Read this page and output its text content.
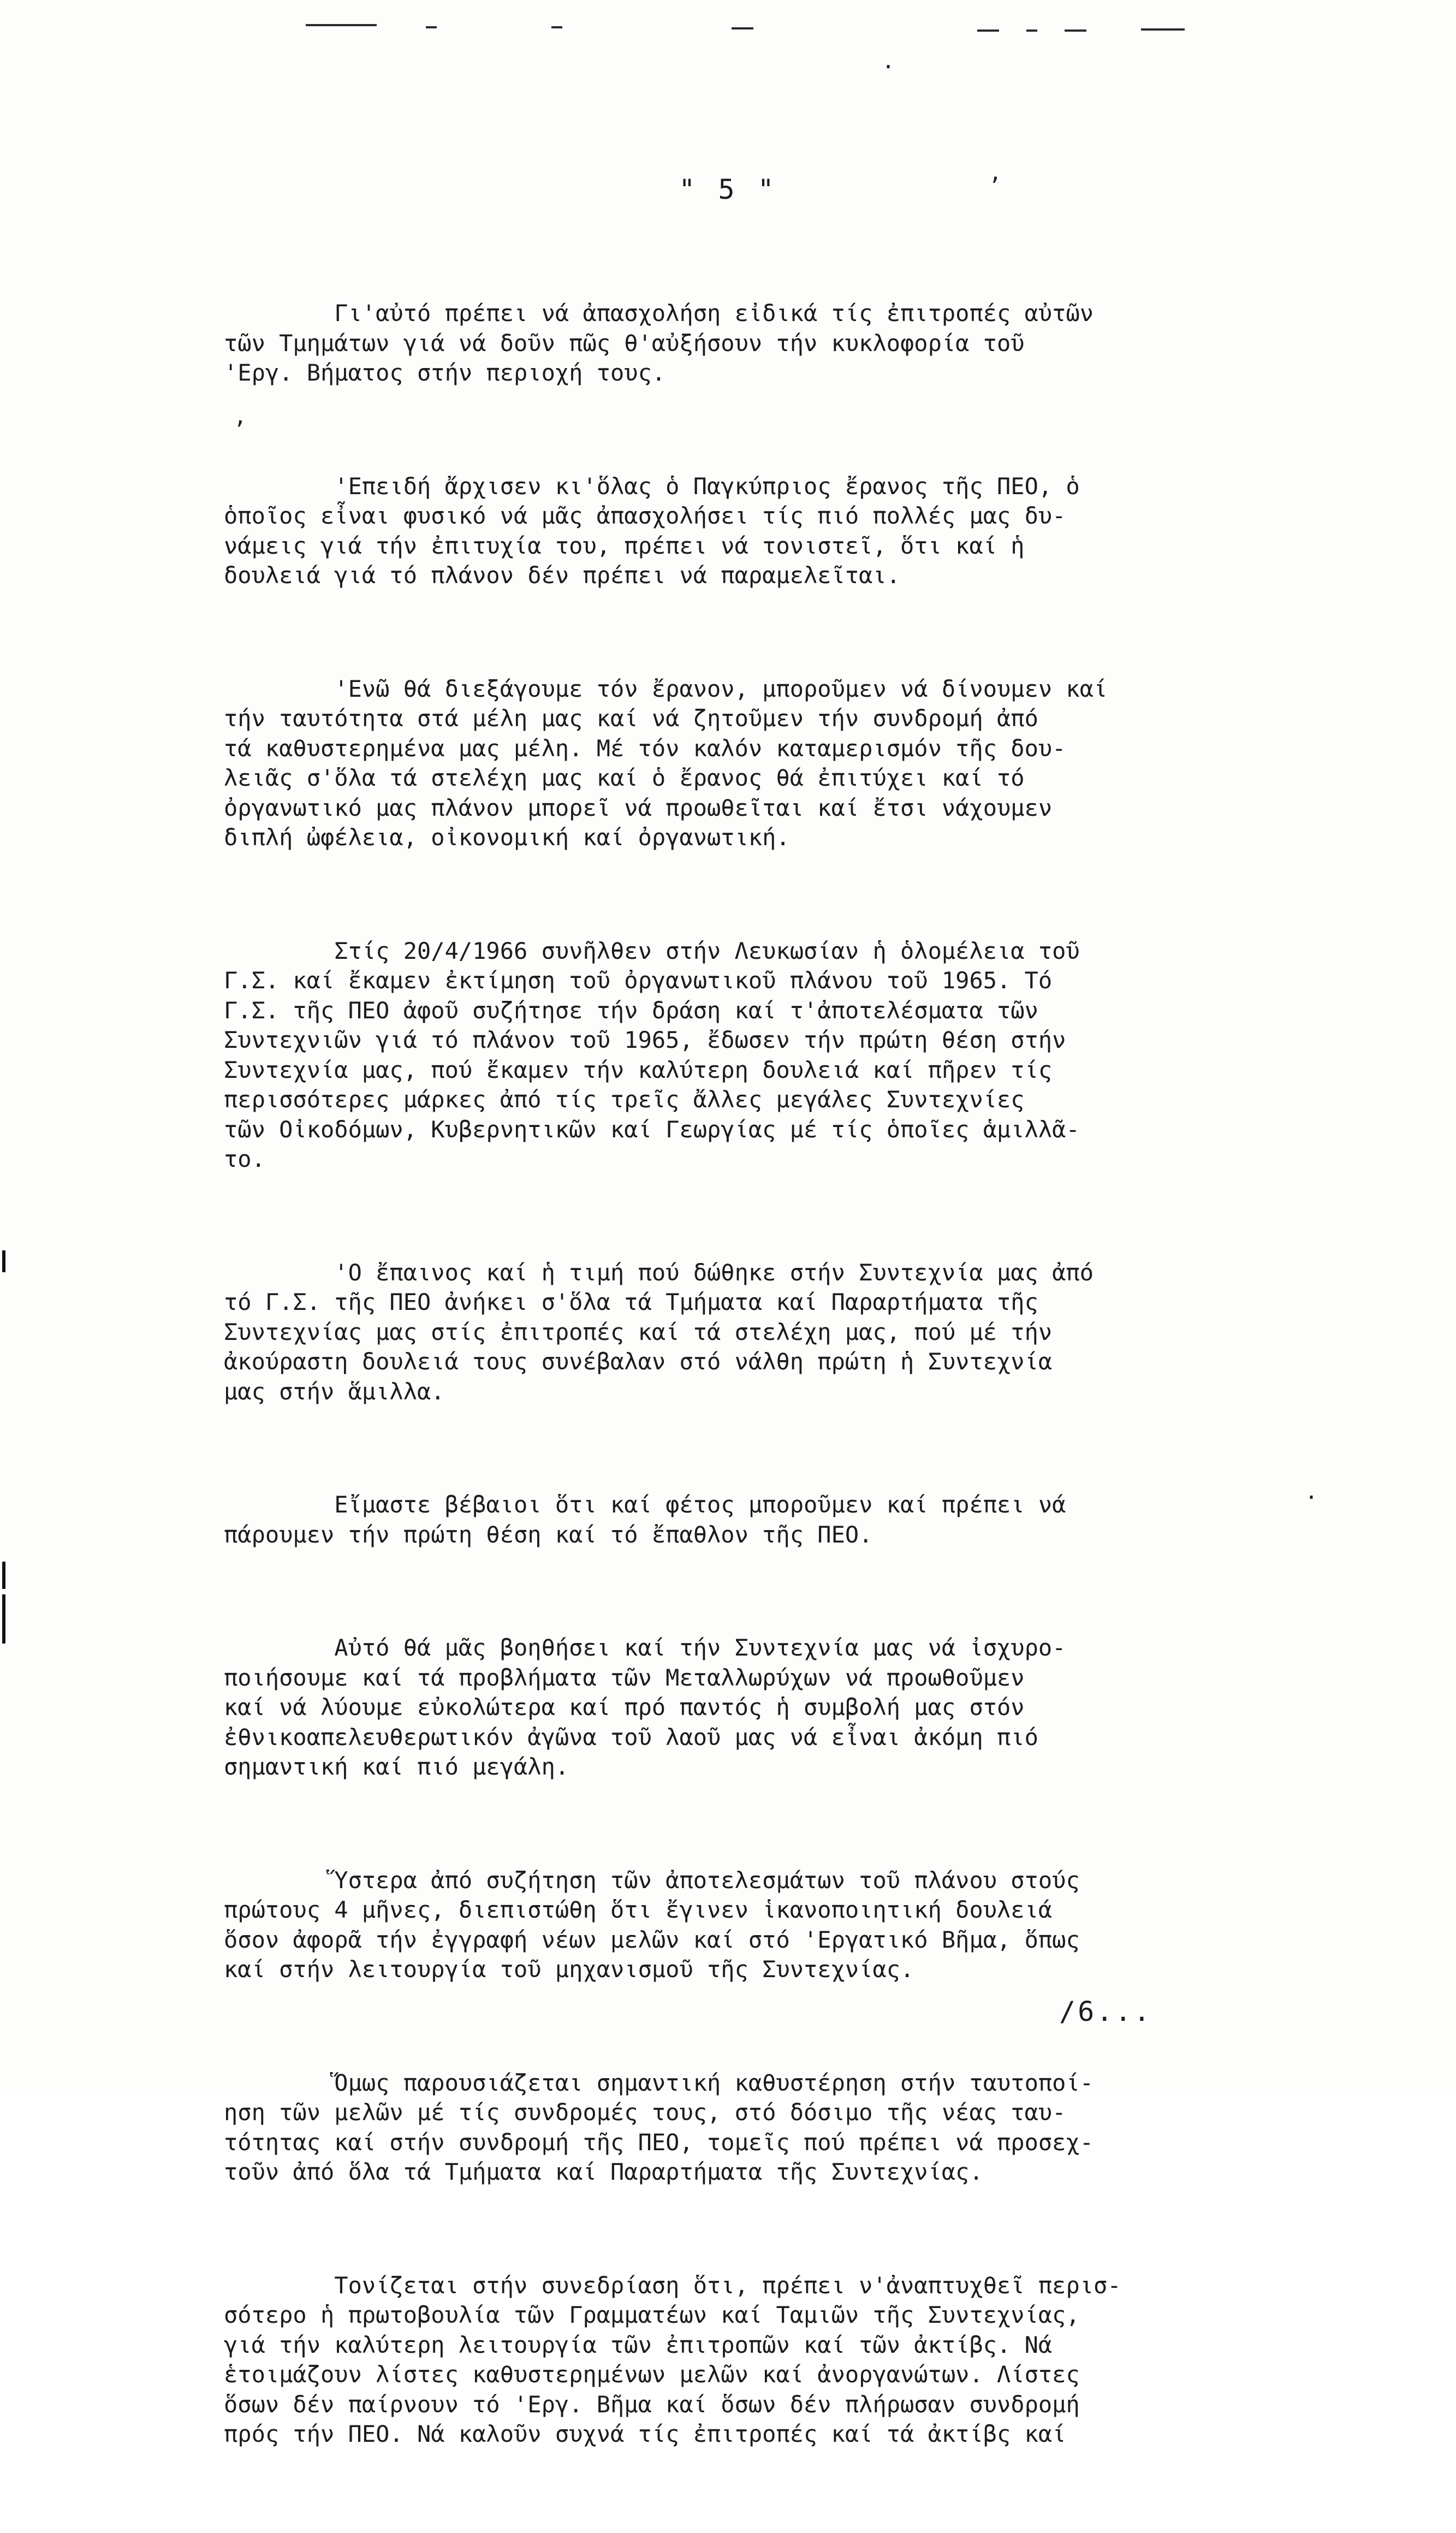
·
’
,
·
" 5 "

Γι'αὐτό πρέπει νά ἀπασχολήση εἰδικά τίς ἐπιτροπές αὐτῶν
τῶν Τμημάτων γιά νά δοῦν πῶς θ'αὐξήσουν τήν κυκλοφορία τοῦ
'Εργ. Βήματος στήν περιοχή τους.

'Επειδή ἄρχισεν κι'ὅλας ὁ Παγκύπριος ἔρανος τῆς ΠΕΟ, ὁ
ὁποῖος εἶναι φυσικό νά μᾶς ἀπασχολήσει τίς πιό πολλές μας δυ-
νάμεις γιά τήν ἐπιτυχία του, πρέπει νά τονιστεῖ, ὅτι καί ἡ
δουλειά γιά τό πλάνον δέν πρέπει νά παραμελεῖται.

'Ενῶ θά διεξάγουμε τόν ἔρανον, μποροῦμεν νά δίνουμεν καί
τήν ταυτότητα στά μέλη μας καί νά ζητοῦμεν τήν συνδρομή ἀπό
τά καθυστερημένα μας μέλη. Μέ τόν καλόν καταμερισμόν τῆς δου-
λειᾶς σ'ὅλα τά στελέχη μας καί ὁ ἔρανος θά ἐπιτύχει καί τό
ὀργανωτικό μας πλάνον μπορεῖ νά προωθεῖται καί ἔτσι νάχουμεν
διπλή ὠφέλεια, οἰκονομική καί ὀργανωτική.

Στίς 20/4/1966 συνῆλθεν στήν Λευκωσίαν ἡ ὁλομέλεια τοῦ
Γ.Σ. καί ἔκαμεν ἐκτίμηση τοῦ ὀργανωτικοῦ πλάνου τοῦ 1965. Τό
Γ.Σ. τῆς ΠΕΟ ἀφοῦ συζήτησε τήν δράση καί τ'ἀποτελέσματα τῶν
Συντεχνιῶν γιά τό πλάνον τοῦ 1965, ἔδωσεν τήν πρώτη θέση στήν
Συντεχνία μας, πού ἔκαμεν τήν καλύτερη δουλειά καί πῆρεν τίς
περισσότερες μάρκες ἀπό τίς τρεῖς ἄλλες μεγάλες Συντεχνίες
τῶν Οἰκοδόμων, Κυβερνητικῶν καί Γεωργίας μέ τίς ὁποῖες ἁμιλλᾶ-
το.

'Ο ἔπαινος καί ἡ τιμή πού δώθηκε στήν Συντεχνία μας ἀπό
τό Γ.Σ. τῆς ΠΕΟ ἀνήκει σ'ὅλα τά Τμήματα καί Παραρτήματα τῆς
Συντεχνίας μας στίς ἐπιτροπές καί τά στελέχη μας, πού μέ τήν
ἀκούραστη δουλειά τους συνέβαλαν στό νάλθη πρώτη ἡ Συντεχνία
μας στήν ἅμιλλα.

Εἴμαστε βέβαιοι ὅτι καί φέτος μποροῦμεν καί πρέπει νά
πάρουμεν τήν πρώτη θέση καί τό ἔπαθλον τῆς ΠΕΟ.

Αὐτό θά μᾶς βοηθήσει καί τήν Συντεχνία μας νά ἰσχυρο-
ποιήσουμε καί τά προβλήματα τῶν Μεταλλωρύχων νά προωθοῦμεν
καί νά λύουμε εὐκολώτερα καί πρό παντός ἡ συμβολή μας στόν
ἐθνικοαπελευθερωτικόν ἀγῶνα τοῦ λαοῦ μας νά εἶναι ἀκόμη πιό
σημαντική καί πιό μεγάλη.

Ὕστερα ἀπό συζήτηση τῶν ἀποτελεσμάτων τοῦ πλάνου στούς
πρώτους 4 μῆνες, διεπιστώθη ὅτι ἔγινεν ἱκανοποιητική δουλειά
ὅσον ἀφορᾶ τήν ἐγγραφή νέων μελῶν καί στό 'Εργατικό Βῆμα, ὅπως
καί στήν λειτουργία τοῦ μηχανισμοῦ τῆς Συντεχνίας.

Ὅμως παρουσιάζεται σημαντική καθυστέρηση στήν ταυτοποί-
ηση τῶν μελῶν μέ τίς συνδρομές τους, στό δόσιμο τῆς νέας ταυ-
τότητας καί στήν συνδρομή τῆς ΠΕΟ, τομεῖς πού πρέπει νά προσεχ-
τοῦν ἀπό ὅλα τά Τμήματα καί Παραρτήματα τῆς Συντεχνίας.

Τονίζεται στήν συνεδρίαση ὅτι, πρέπει ν'ἀναπτυχθεῖ περισ-
σότερο ἡ πρωτοβουλία τῶν Γραμματέων καί Ταμιῶν τῆς Συντεχνίας,
γιά τήν καλύτερη λειτουργία τῶν ἐπιτροπῶν καί τῶν ἀκτίβς. Νά
ἑτοιμάζουν λίστες καθυστερημένων μελῶν καί ἀνοργανώτων. Λίστες
ὅσων δέν παίρνουν τό 'Εργ. Βῆμα καί ὅσων δέν πλήρωσαν συνδρομή
πρός τήν ΠΕΟ. Νά καλοῦν συχνά τίς ἐπιτροπές καί τά ἀκτίβς καί

/6...
